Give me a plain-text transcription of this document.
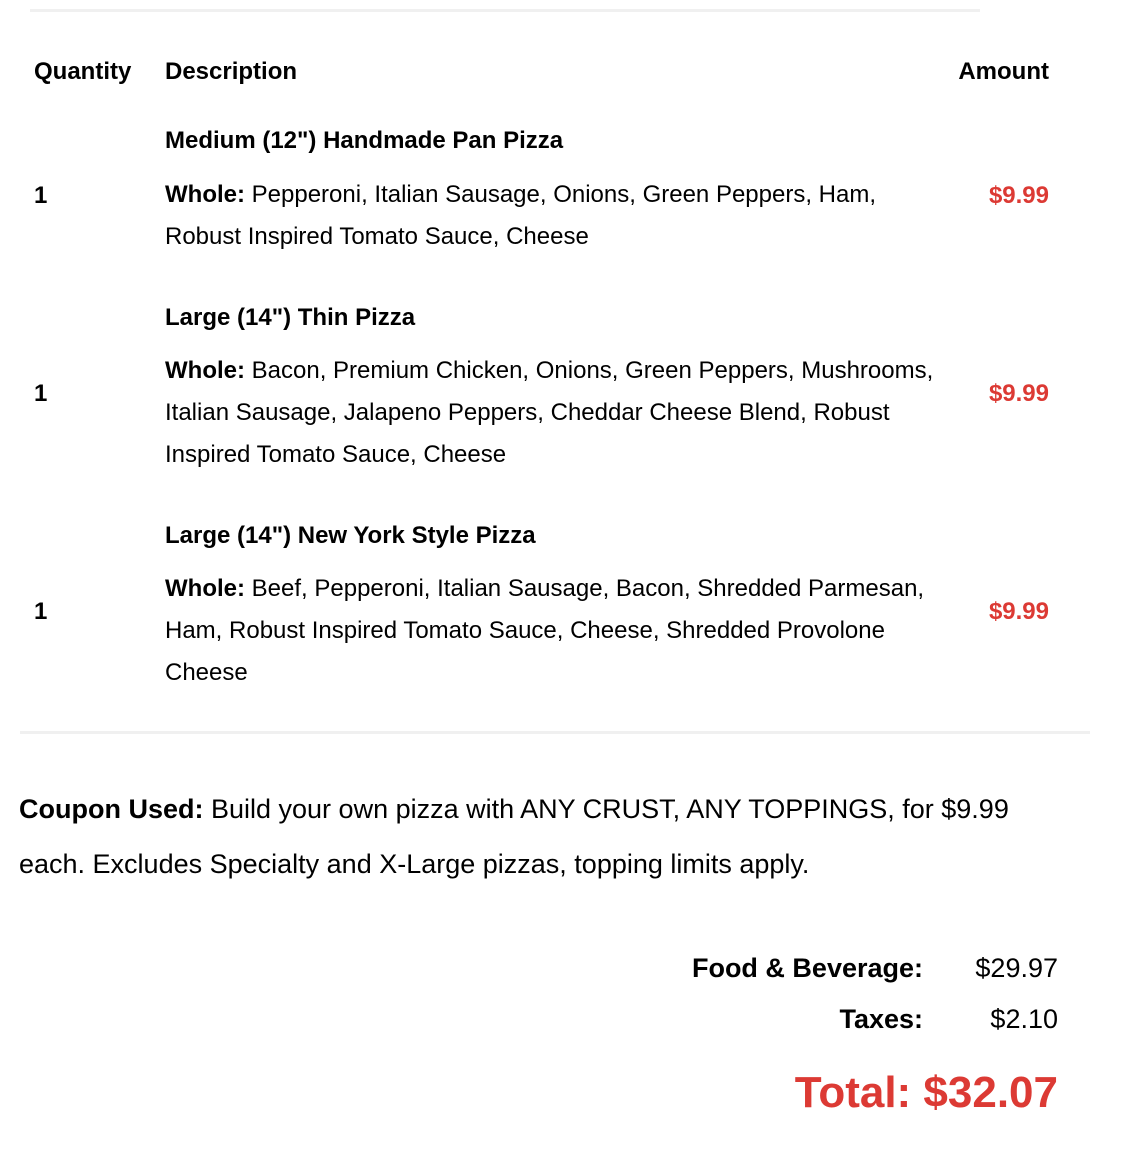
Quantity Description	Amount
Medium (12") Handmade Pan Pizza
1	Whole: Pepperoni, Italian Sausage, Onions, Green Peppers, Ham, Robust Inspired Tomato Sauce, Cheese
$9.99
Large (14") Thin Pizza
1
Whole: Bacon, Premium Chicken, Onions, Green Peppers, Mushrooms, Italian Sausage, Jalapeno Peppers, Cheddar Cheese Blend, Robust Inspired Tomato Sauce, Cheese
$9.99
Large (14") New York Style Pizza
1
Whole: Beef, Pepperoni, Italian Sausage, Bacon, Shredded Parmesan, Ham, Robust Inspired Tomato Sauce, Cheese, Shredded Provolone Cheese
$9.99
Coupon Used: Build your own pizza with ANY CRUST, ANY TOPPINGS, for $9.99 each. Excludes Specialty and X-Large pizzas, topping limits apply.
Food & Beverage: $29.97
Taxes: $2.10
Total: $32.07
